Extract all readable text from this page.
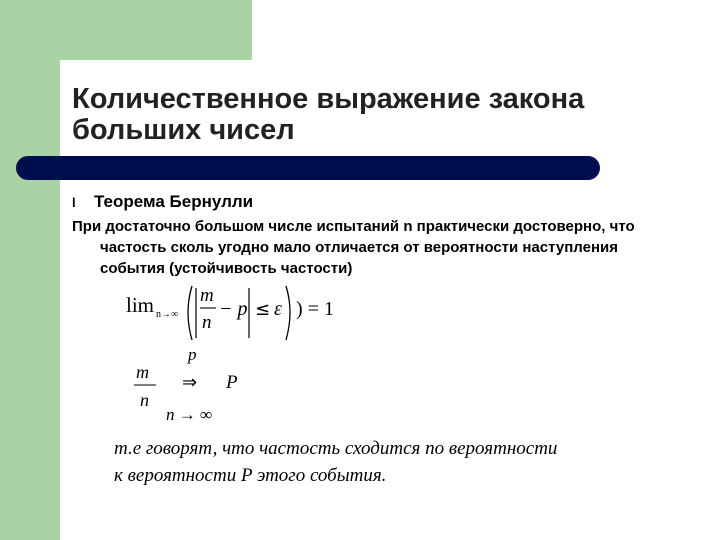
Количественное выражение закона больших чисел
l Теорема Бернулли
При достаточно большом числе испытаний n практически достоверно, что
частость сколь угодно мало отличается от вероятности наступления
события (устойчивость частости)
lim n→∞
m
n
− p ≤ ε ) = 1
p
m
n
⇒ P
n → ∞
т.е говорят, что частость сходится по вероятности
к вероятности P этого события.
